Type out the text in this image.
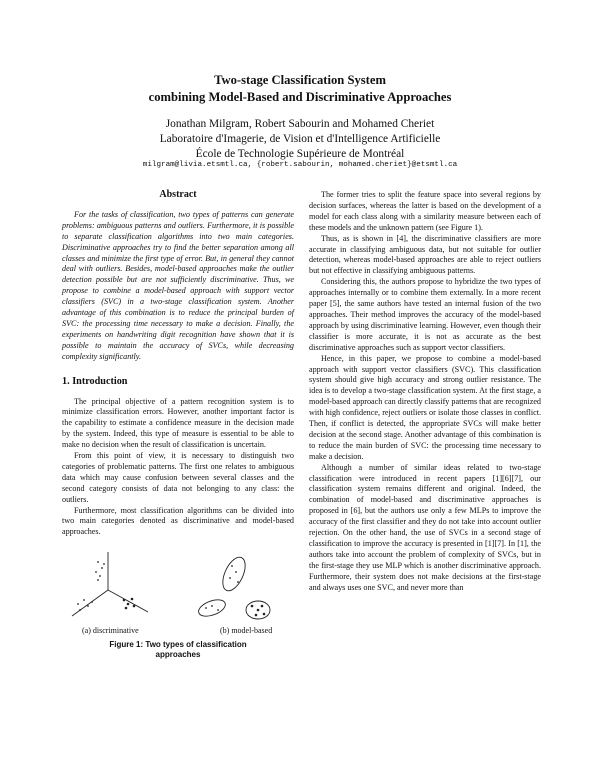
Two-stage Classification System
combining Model-Based and Discriminative Approaches
Jonathan Milgram, Robert Sabourin and Mohamed Cheriet
Laboratoire d'Imagerie, de Vision et d'Intelligence Artificielle
École de Technologie Supérieure de Montréal
milgram@livia.etsmtl.ca, {robert.sabourin, mohamed.cheriet}@etsmtl.ca
Abstract

For the tasks of classification, two types of patterns can generate problems: ambiguous patterns and outliers. Furthermore, it is possible to separate classification algorithms into two main categories. Discriminative approaches try to find the better separation among all classes and minimize the first type of error. But, in general they cannot deal with outliers. Besides, model-based approaches make the outlier detection possible but are not sufficiently discriminative. Thus, we propose to combine a model-based approach with support vector classifiers (SVC) in a two-stage classification system. Another advantage of this combination is to reduce the principal burden of SVC: the processing time necessary to make a decision. Finally, the experiments on handwriting digit recognition have shown that it is possible to maintain the accuracy of SVCs, while decreasing complexity significantly.

1. Introduction

The principal objective of a pattern recognition system is to minimize classification errors. However, another important factor is the capability to estimate a confidence measure in the decision made by the system. Indeed, this type of measure is essential to be able to make no decision when the result of classification is uncertain.

From this point of view, it is necessary to distinguish two categories of problematic patterns. The first one relates to ambiguous data which may cause confusion between several classes and the second category consists of data not belonging to any class: the outliers.

Furthermore, most classification algorithms can be divided into two main categories denoted as discriminative and model-based approaches.

(a) discriminative	(b) model-based
Figure 1: Two types of classification
approaches

The former tries to split the feature space into several regions by decision surfaces, whereas the latter is based on the development of a model for each class along with a similarity measure between each of these models and the unknown pattern (see Figure 1).

Thus, as is shown in [4], the discriminative classifiers are more accurate in classifying ambiguous data, but not suitable for outlier detection, whereas model-based approaches are able to reject outliers but not effective in classifying ambiguous patterns.

Considering this, the authors propose to hybridize the two types of approaches internally or to combine them externally. In a more recent paper [5], the same authors have tested an internal fusion of the two approaches. Their method improves the accuracy of the model-based approach by using discriminative learning. However, even though their classifier is more accurate, it is not as accurate as the best discriminative approaches such as support vector classifiers.

Hence, in this paper, we propose to combine a model-based approach with support vector classifiers (SVC). This classification system should give high accuracy and strong outlier resistance. The idea is to develop a two-stage classification system. At the first stage, a model-based approach can directly classify patterns that are recognized with high confidence, reject outliers or isolate those classes in conflict. Then, if conflict is detected, the appropriate SVCs will make better decision at the second stage. Another advantage of this combination is to reduce the main burden of SVC: the processing time necessary to make a decision.

Although a number of similar ideas related to two-stage classification were introduced in recent papers [1][6][7], our classification system remains different and original. Indeed, the combination of model-based and discriminative approaches is proposed in [6], but the authors use only a few MLPs to improve the accuracy of the first classifier and they do not take into account outlier rejection. On the other hand, the use of SVCs in a second stage of classification to improve the accuracy is presented in [1][7]. In [1], the authors take into account the problem of complexity of SVCs, but in the first-stage they use MLP which is another discriminative approach. Furthermore, their system does not make decisions at the first-stage and always uses one SVC, and never more than
